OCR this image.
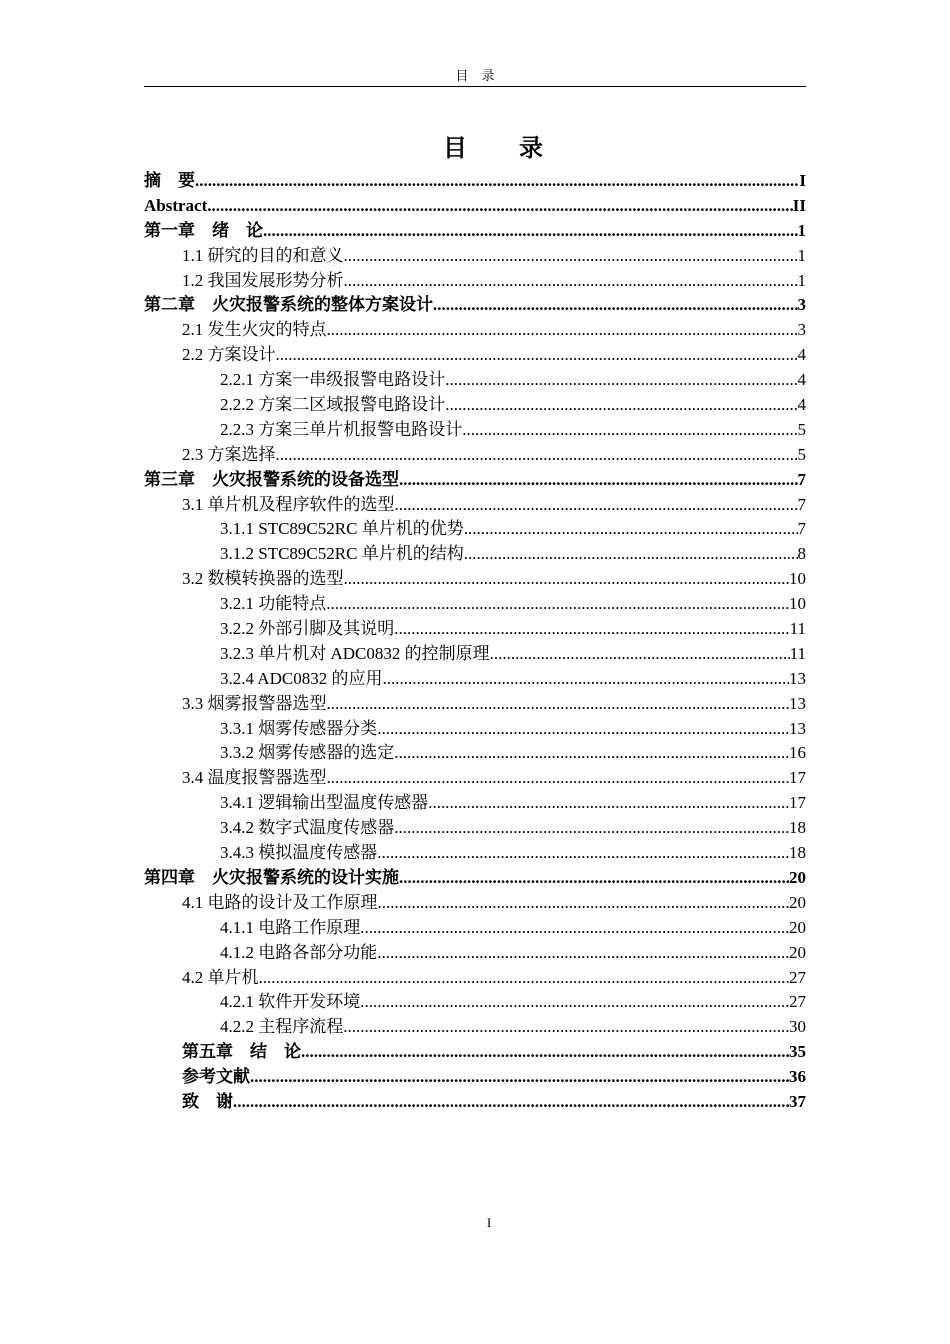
目　录
目　录
摘　要 .....	I
Abstract .....	II
第一章　绪　论 .....	1
1.1 研究的目的和意义 .....	1
1.2 我国发展形势分析 .....	1
第二章　火灾报警系统的整体方案设计 .....	3
2.1 发生火灾的特点 .....	3
2.2 方案设计 .....	4
2.2.1 方案一串级报警电路设计 .....	4
2.2.2 方案二区域报警电路设计 .....	4
2.2.3 方案三单片机报警电路设计 .....	5
2.3 方案选择 .....	5
第三章　火灾报警系统的设备选型 .....	7
3.1 单片机及程序软件的选型 .....	7
3.1.1 STC89C52RC 单片机的优势 .....	7
3.1.2 STC89C52RC 单片机的结构 .....	8
3.2 数模转换器的选型 .....	10
3.2.1 功能特点 .....	10
3.2.2 外部引脚及其说明 .....	11
3.2.3 单片机对 ADC0832 的控制原理 .....	11
3.2.4 ADC0832 的应用 .....	13
3.3 烟雾报警器选型 .....	13
3.3.1 烟雾传感器分类 .....	13
3.3.2 烟雾传感器的选定 .....	16
3.4 温度报警器选型 .....	17
3.4.1 逻辑输出型温度传感器 .....	17
3.4.2 数字式温度传感器 .....	18
3.4.3 模拟温度传感器 .....	18
第四章　火灾报警系统的设计实施 .....	20
4.1 电路的设计及工作原理 .....	20
4.1.1 电路工作原理 .....	20
4.1.2 电路各部分功能 .....	20
4.2 单片机 .....	27
4.2.1 软件开发环境 .....	27
4.2.2 主程序流程 .....	30
第五章　结　论 .....	35
参考文献 .....	36
致　谢 .....	37
I
